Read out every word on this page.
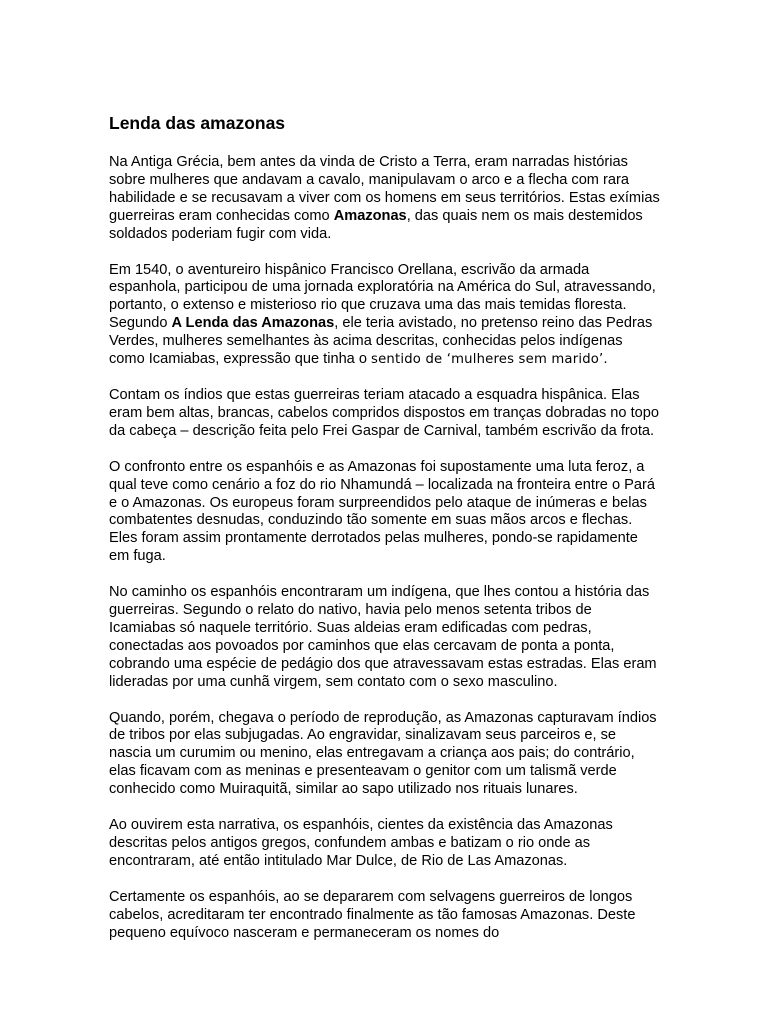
Lenda das amazonas

Na Antiga Grécia, bem antes da vinda de Cristo a Terra, eram narradas histórias sobre mulheres que andavam a cavalo, manipulavam o arco e a flecha com rara habilidade e se recusavam a viver com os homens em seus territórios. Estas exímias guerreiras eram conhecidas como Amazonas, das quais nem os mais destemidos soldados poderiam fugir com vida.

Em 1540, o aventureiro hispânico Francisco Orellana, escrivão da armada espanhola, participou de uma jornada exploratória na América do Sul, atravessando, portanto, o extenso e misterioso rio que cruzava uma das mais temidas floresta. Segundo A Lenda das Amazonas, ele teria avistado, no pretenso reino das Pedras Verdes, mulheres semelhantes às acima descritas, conhecidas pelos indígenas como Icamiabas, expressão que tinha o sentido de ‘mulheres sem marido’.

Contam os índios que estas guerreiras teriam atacado a esquadra hispânica. Elas eram bem altas, brancas, cabelos compridos dispostos em tranças dobradas no topo da cabeça – descrição feita pelo Frei Gaspar de Carnival, também escrivão da frota.

O confronto entre os espanhóis e as Amazonas foi supostamente uma luta feroz, a qual teve como cenário a foz do rio Nhamundá – localizada na fronteira entre o Pará e o Amazonas. Os europeus foram surpreendidos pelo ataque de inúmeras e belas combatentes desnudas, conduzindo tão somente em suas mãos arcos e flechas. Eles foram assim prontamente derrotados pelas mulheres, pondo-se rapidamente em fuga.

No caminho os espanhóis encontraram um indígena, que lhes contou a história das guerreiras. Segundo o relato do nativo, havia pelo menos setenta tribos de Icamiabas só naquele território. Suas aldeias eram edificadas com pedras, conectadas aos povoados por caminhos que elas cercavam de ponta a ponta, cobrando uma espécie de pedágio dos que atravessavam estas estradas. Elas eram lideradas por uma cunhã virgem, sem contato com o sexo masculino.

Quando, porém, chegava o período de reprodução, as Amazonas capturavam índios de tribos por elas subjugadas. Ao engravidar, sinalizavam seus parceiros e, se nascia um curumim ou menino, elas entregavam a criança aos pais; do contrário, elas ficavam com as meninas e presenteavam o genitor com um talismã verde conhecido como Muiraquitã, similar ao sapo utilizado nos rituais lunares.

Ao ouvirem esta narrativa, os espanhóis, cientes da existência das Amazonas descritas pelos antigos gregos, confundem ambas e batizam o rio onde as encontraram, até então intitulado Mar Dulce, de Rio de Las Amazonas.

Certamente os espanhóis, ao se depararem com selvagens guerreiros de longos cabelos, acreditaram ter encontrado finalmente as tão famosas Amazonas. Deste pequeno equívoco nasceram e permaneceram os nomes do
